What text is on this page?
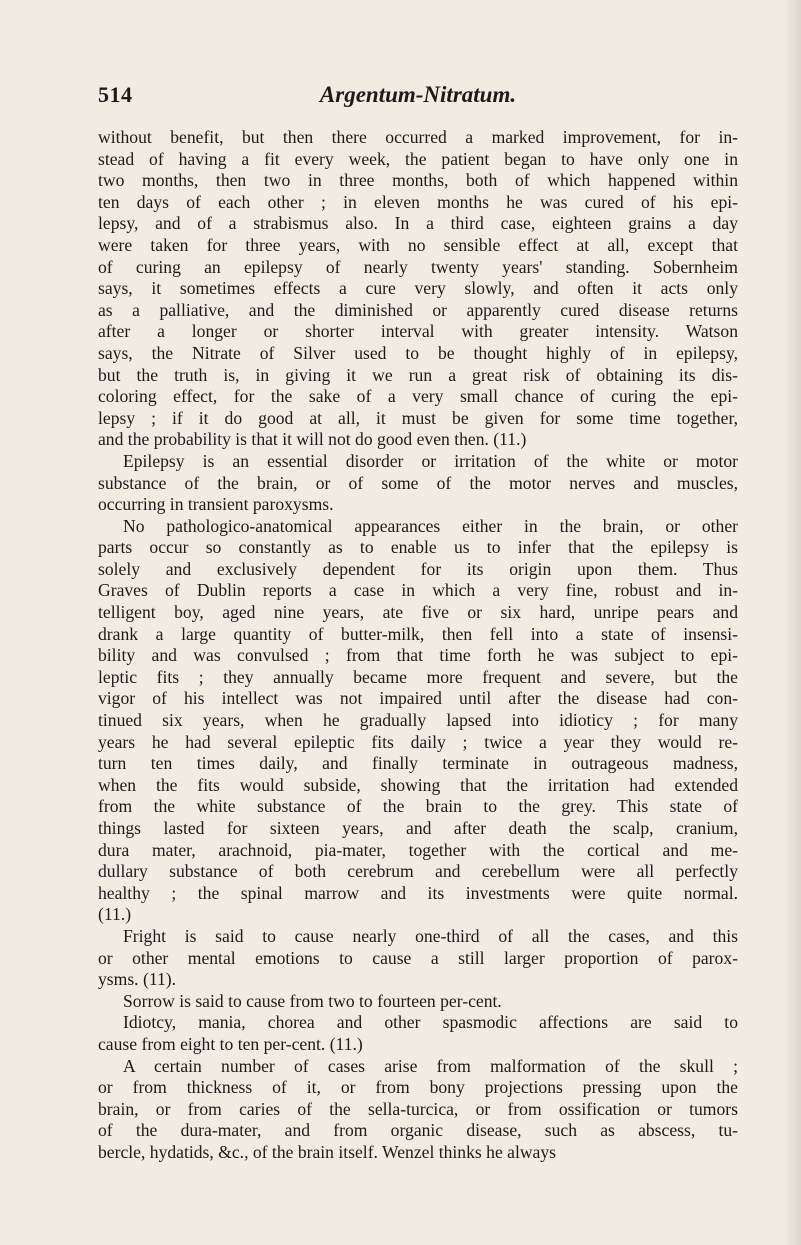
514	Argentum-Nitratum.

without benefit, but then there occurred a marked improvement, for in-
stead of having a fit every week, the patient began to have only one in
two months, then two in three months, both of which happened within
ten days of each other ; in eleven months he was cured of his epi-
lepsy, and of a strabismus also. In a third case, eighteen grains a day
were taken for three years, with no sensible effect at all, except that
of curing an epilepsy of nearly twenty years' standing. Sobernheim
says, it sometimes effects a cure very slowly, and often it acts only
as a palliative, and the diminished or apparently cured disease returns
after a longer or shorter interval with greater intensity. Watson
says, the Nitrate of Silver used to be thought highly of in epilepsy,
but the truth is, in giving it we run a great risk of obtaining its dis-
coloring effect, for the sake of a very small chance of curing the epi-
lepsy ; if it do good at all, it must be given for some time together,
and the probability is that it will not do good even then. (11.)

Epilepsy is an essential disorder or irritation of the white or motor
substance of the brain, or of some of the motor nerves and muscles,
occurring in transient paroxysms.

No pathologico-anatomical appearances either in the brain, or other
parts occur so constantly as to enable us to infer that the epilepsy is
solely and exclusively dependent for its origin upon them. Thus
Graves of Dublin reports a case in which a very fine, robust and in-
telligent boy, aged nine years, ate five or six hard, unripe pears and
drank a large quantity of butter-milk, then fell into a state of insensi-
bility and was convulsed ; from that time forth he was subject to epi-
leptic fits ; they annually became more frequent and severe, but the
vigor of his intellect was not impaired until after the disease had con-
tinued six years, when he gradually lapsed into idioticy ; for many
years he had several epileptic fits daily ; twice a year they would re-
turn ten times daily, and finally terminate in outrageous madness,
when the fits would subside, showing that the irritation had extended
from the white substance of the brain to the grey. This state of
things lasted for sixteen years, and after death the scalp, cranium,
dura mater, arachnoid, pia-mater, together with the cortical and me-
dullary substance of both cerebrum and cerebellum were all perfectly
healthy ; the spinal marrow and its investments were quite normal.
(11.)

Fright is said to cause nearly one-third of all the cases, and this
or other mental emotions to cause a still larger proportion of parox-
ysms. (11).

Sorrow is said to cause from two to fourteen per-cent.

Idiotcy, mania, chorea and other spasmodic affections are said to
cause from eight to ten per-cent. (11.)

A certain number of cases arise from malformation of the skull ;
or from thickness of it, or from bony projections pressing upon the
brain, or from caries of the sella-turcica, or from ossification or tumors
of the dura-mater, and from organic disease, such as abscess, tu-
bercle, hydatids, &c., of the brain itself. Wenzel thinks he always
